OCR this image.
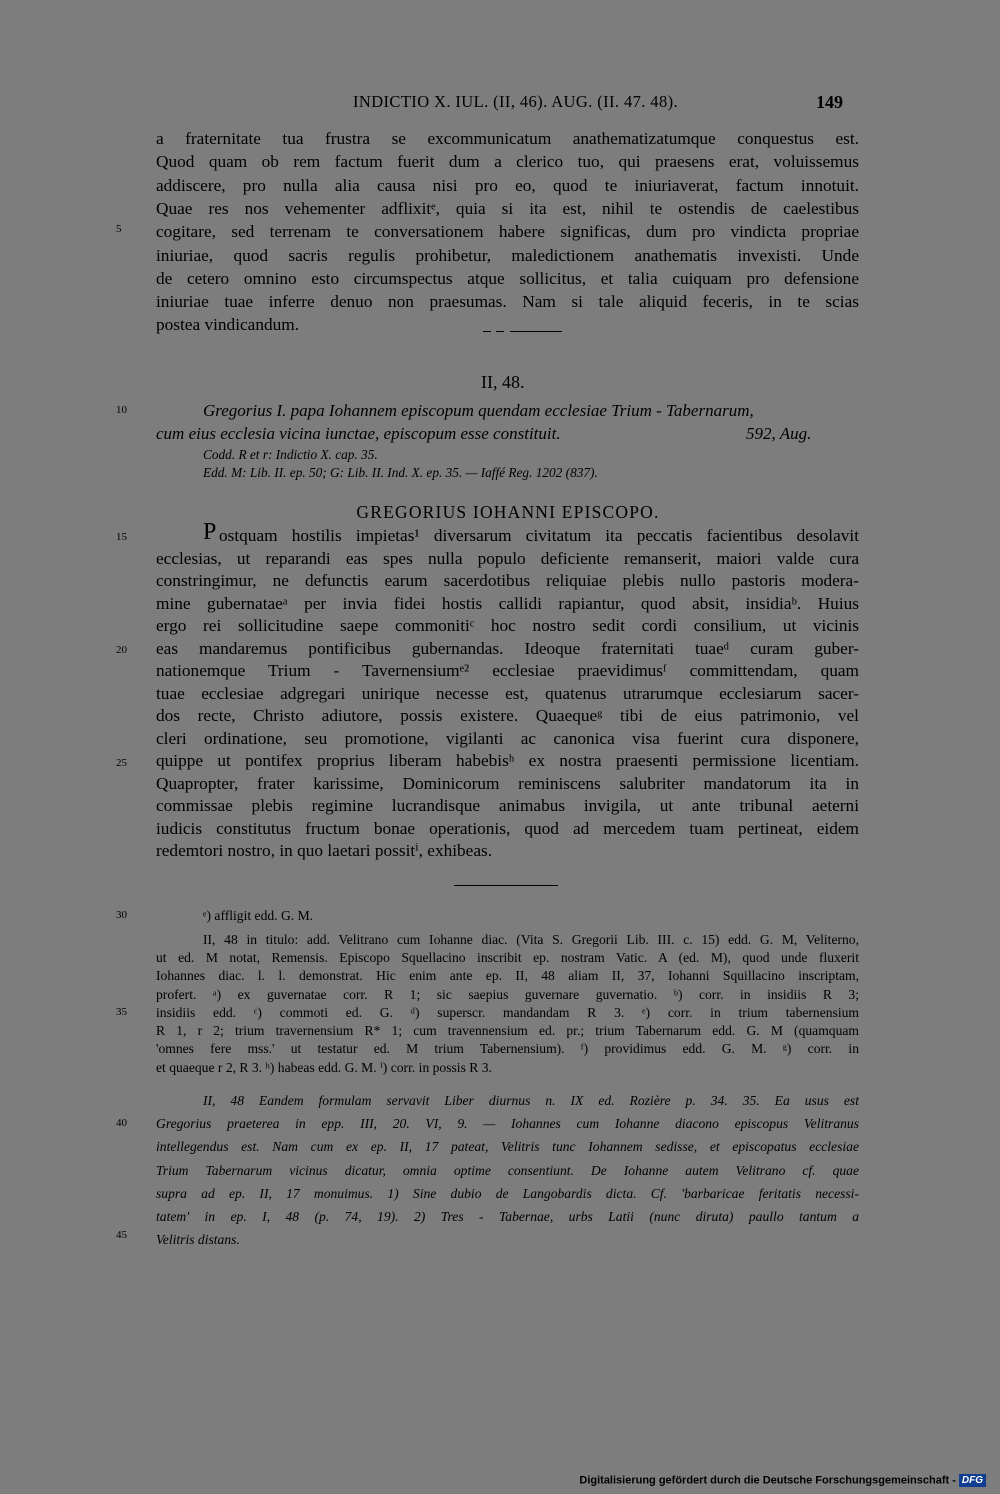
INDICTIO X. IUL. (II, 46). AUG. (II. 47. 48).	149
a fraternitate tua frustra se excommunicatum anathematizatumque conquestus est.
Quod quam ob rem factum fuerit dum a clerico tuo, qui praesens erat, voluissemus
addiscere, pro nulla alia causa nisi pro eo, quod te iniuriaverat, factum innotuit.
Quae res nos vehementer adflixitᵉ, quia si ita est, nihil te ostendis de caelestibus
cogitare, sed terrenam te conversationem habere significas, dum pro vindicta propriae
iniuriae, quod sacris regulis prohibetur, maledictionem anathematis invexisti. Unde
de cetero omnino esto circumspectus atque sollicitus, et talia cuiquam pro defensione
iniuriae tuae inferre denuo non praesumas. Nam si tale aliquid feceris, in te scias
postea vindicandum.
II, 48.
Gregorius I. papa Iohannem episcopum quendam ecclesiae Trium - Tabernarum,
cum eius ecclesia vicina iunctae, episcopum esse constituit.	592, Aug.
Codd. R et r: Indictio X. cap. 35.
Edd. M: Lib. II. ep. 50; G: Lib. II. Ind. X. ep. 35. — Iaffé Reg. 1202 (837).
GREGORIUS IOHANNI EPISCOPO.
P ostquam hostilis impietas¹ diversarum civitatum ita peccatis facientibus desolavit
ecclesias, ut reparandi eas spes nulla populo deficiente remanserit, maiori valde cura
constringimur, ne defunctis earum sacerdotibus reliquiae plebis nullo pastoris modera-
mine gubernataeᵃ per invia fidei hostis callidi rapiantur, quod absit, insidiaᵇ. Huius
ergo rei sollicitudine saepe commonitiᶜ hoc nostro sedit cordi consilium, ut vicinis
eas mandaremus pontificibus gubernandas. Ideoque fraternitati tuaeᵈ curam guber-
nationemque Trium - Tavernensiumᵉ² ecclesiae praevidimusᶠ committendam, quam
tuae ecclesiae adgregari unirique necesse est, quatenus utrarumque ecclesiarum sacer-
dos recte, Christo adiutore, possis existere. Quaequeᵍ tibi de eius patrimonio, vel
cleri ordinatione, seu promotione, vigilanti ac canonica visa fuerint cura disponere,
quippe ut pontifex proprius liberam habebisʰ ex nostra praesenti permissione licentiam.
Quapropter, frater karissime, Dominicorum reminiscens salubriter mandatorum ita in
commissae plebis regimine lucrandisque animabus invigila, ut ante tribunal aeterni
iudicis constitutus fructum bonae operationis, quod ad mercedem tuam pertineat, eidem
redemtori nostro, in quo laetari possitⁱ, exhibeas.
ᵉ) affligit edd. G. M.
II, 48 in titulo: add. Velitrano cum Iohanne diac. (Vita S. Gregorii Lib. III. c. 15) edd. G. M, Veliterno,
ut ed. M notat, Remensis. Episcopo Squellacino inscribit ep. nostram Vatic. A (ed. M), quod unde fluxerit
Iohannes diac. l. l. demonstrat. Hic enim ante ep. II, 48 aliam II, 37, Iohanni Squillacino inscriptam,
profert. ᵃ) ex guvernatae corr. R 1; sic saepius guvernare guvernatio. ᵇ) corr. in insidiis R 3;
insidiis edd. ᶜ) commoti ed. G. ᵈ) superscr. mandandam R 3. ᵉ) corr. in trium tabernensium
R 1, r 2; trium travernensium R* 1; cum travennensium ed. pr.; trium Tabernarum edd. G. M (quamquam
'omnes fere mss.' ut testatur ed. M trium Tabernensium). ᶠ) providimus edd. G. M. ᵍ) corr. in
et quaeque r 2, R 3. ʰ) habeas edd. G. M. ⁱ) corr. in possis R 3.
II, 48 Eandem formulam servavit Liber diurnus n. IX ed. Rozière p. 34. 35. Ea usus est
Gregorius praeterea in epp. III, 20. VI, 9. — Iohannes cum Iohanne diacono episcopus Velitranus
intellegendus est. Nam cum ex ep. II, 17 pateat, Velitris tunc Iohannem sedisse, et episcopatus ecclesiae
Trium Tabernarum vicinus dicatur, omnia optime consentiunt. De Iohanne autem Velitrano cf. quae
supra ad ep. II, 17 monuimus. 1) Sine dubio de Langobardis dicta. Cf. 'barbaricae feritatis necessi-
tatem' in ep. I, 48 (p. 74, 19). 2) Tres - Tabernae, urbs Latii (nunc diruta) paullo tantum a
Velitris distans.
5
10
15
20
25
30
35
40
45
Digitalisierung gefördert durch die Deutsche Forschungsgemeinschaft - DFG
